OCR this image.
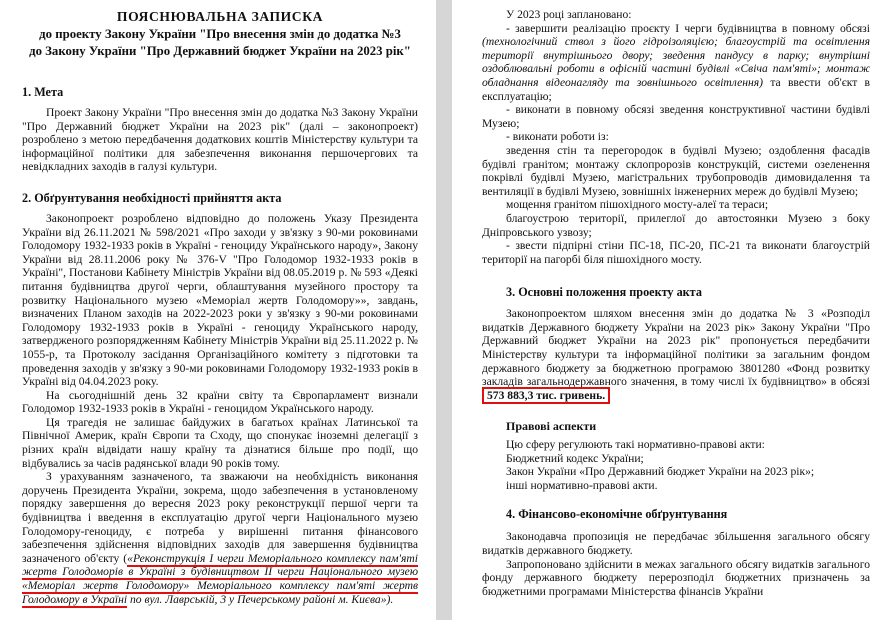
ПОЯСНЮВАЛЬНА ЗАПИСКА

до проекту Закону України "Про внесення змін до додатка №3

до Закону України "Про Державний бюджет України на 2023 рік"

1. Мета

Проект Закону України "Про внесення змін до додатка №3 Закону України "Про Державний бюджет України на 2023 рік" (далі – законопроект) розроблено з метою передбачення додаткових коштів Міністерству культури та інформаційної політики для забезпечення виконання першочергових та невідкладних заходів в галузі культури.

2. Обґрунтування необхідності прийняття акта

Законопроект розроблено відповідно до положень Указу Президента України від 26.11.2021 № 598/2021 «Про заходи у зв'язку з 90-ми роковинами Голодомору 1932-1933 років в Україні - геноциду Українського народу», Закону України від 28.11.2006 року № 376-V "Про Голодомор 1932-1933 років в Україні", Постанови Кабінету Міністрів України від 08.05.2019 р. № 593 «Деякі питання будівництва другої черги, облаштування музейного простору та розвитку Національного музею «Меморіал жертв Голодомору»», завдань, визначених Планом заходів на 2022-2023 роки у зв'язку з 90-ми роковинами Голодомору 1932-1933 років в Україні - геноциду Українського народу, затвердженого розпорядженням Кабінету Міністрів України від 25.11.2022 р. № 1055-р, та Протоколу засідання Організаційного комітету з підготовки та проведення заходів у зв'язку з 90-ми роковинами Голодомору 1932-1933 років в Україні від 04.04.2023 року.

На сьогоднішній день 32 країни світу та Європарламент визнали Голодомор 1932-1933 років в Україні - геноцидом Українського народу.

Ця трагедія не залишає байдужих в багатьох країнах Латинської та Північної Америк, країн Європи та Сходу, що спонукає іноземні делегації з різних країн відвідати нашу країну та дізнатися більше про події, що відбувались за часів радянської влади 90 років тому.

З урахуванням зазначеного, та зважаючи на необхідність виконання доручень Президента України, зокрема, щодо забезпечення в установленому порядку завершення до вересня 2023 року реконструкції першої черги та будівництва і введення в експлуатацію другої черги Національного музею Голодомору-геноциду, є потреба у вирішенні питання фінансового забезпечення здійснення відповідних заходів для завершення будівництва зазначеного об'єкту («Реконструкція І черги Меморіального комплексу пам'яті жертв Голодоморів в Україні з будівництвом ІІ черги Національного музею «Меморіал жертв Голодомору» Меморіального комплексу пам'яті жертв Голодомору в Україні по вул. Лаврській, 3 у Печерському районі м. Києва»).

У 2023 році заплановано:

- завершити реалізацію проєкту І черги будівництва в повному обсязі (технологічний ствол з його гідроізоляцією; благоустрій та освітлення території внутрішнього двору; зведення пандусу в парку; внутрішні оздоблювальні роботи в офісній частині будівлі «Свіча пам'яті»; монтаж обладнання відеонагляду та зовнішнього освітлення) та ввести об'єкт в експлуатацію;

- виконати в повному обсязі зведення конструктивної частини будівлі Музею;

- виконати роботи із:

зведення стін та перегородок в будівлі Музею; оздоблення фасадів будівлі гранітом; монтажу склопророзів конструкцій, системи озеленення покрівлі будівлі Музею, магістральних трубопроводів димовидалення та вентиляції в будівлі Музею, зовнішніх інженерних мереж до будівлі Музею;

мощення гранітом пішохідного мосту-алеї та тераси;

благоустрою території, прилеглої до автостоянки Музею з боку Дніпровського узвозу;

- звести підпірні стіни ПС-18, ПС-20, ПС-21 та виконати благоустрій території на пагорбі біля пішохідного мосту.

3. Основні положення проекту акта

Законопроектом шляхом внесення змін до додатка № 3 «Розподіл видатків Державного бюджету України на 2023 рік» Закону України "Про Державний бюджет України на 2023 рік" пропонується передбачити Міністерству культури та інформаційної політики за загальним фондом державного бюджету за бюджетною програмою 3801280 «Фонд розвитку закладів загальнодержавного значення, в тому числі їх будівництво» в обсязі 573 883,3 тис. гривень.

Правові аспекти

Цю сферу регулюють такі нормативно-правові акти:

Бюджетний кодекс України;

Закон України «Про Державний бюджет України на 2023 рік»;

інші нормативно-правові акти.

4. Фінансово-економічне обґрунтування

Законодавча пропозиція не передбачає збільшення загального обсягу видатків державного бюджету.

Запропоновано здійснити в межах загального обсягу видатків загального фонду державного бюджету перерозподіл бюджетних призначень за бюджетними програмами Міністерства фінансів України
